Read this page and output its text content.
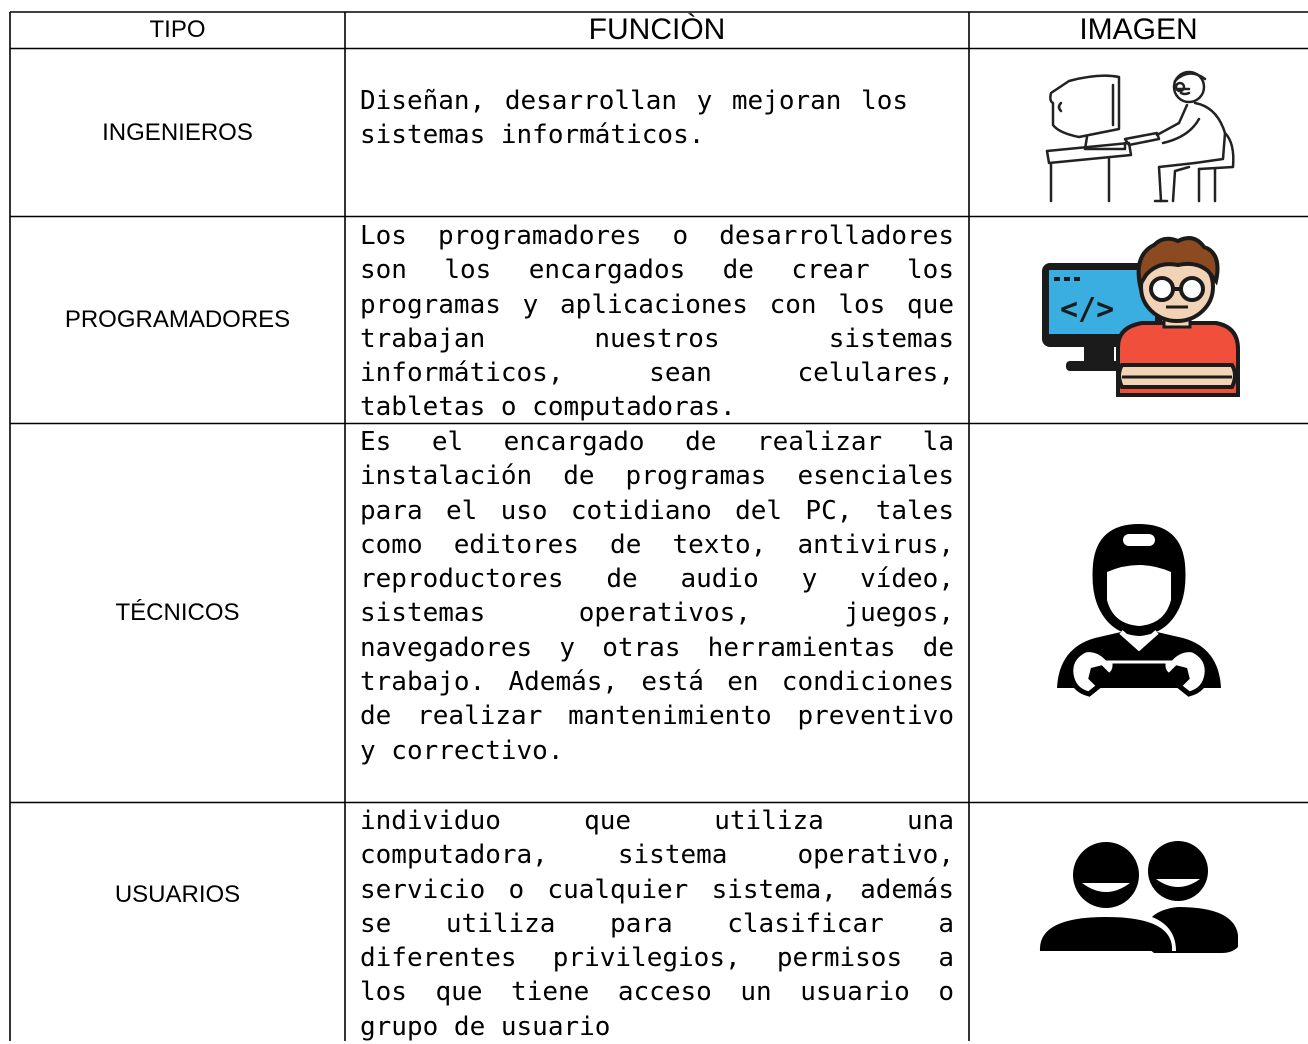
TIPO	FUNCIÒN	IMAGEN
INGENIEROS

Diseñan, desarrollan y mejoran los sistemas informáticos.

PROGRAMADORES

Los programadores o desarrolladores son los encargados de crear los programas y aplicaciones con los que trabajan nuestros sistemas informáticos, sean celulares, tabletas o computadoras.

</>
TÉCNICOS

Es el encargado de realizar la instalación de programas esenciales para el uso cotidiano del PC, tales como editores de texto, antivirus, reproductores de audio y vídeo, sistemas operativos, juegos, navegadores y otras herramientas de trabajo. Además, está en condiciones de realizar mantenimiento preventivo y correctivo.

USUARIOS

individuo que utiliza una computadora, sistema operativo, servicio o cualquier sistema, además se utiliza para clasificar a diferentes privilegios, permisos a los que tiene acceso un usuario o grupo de usuario
